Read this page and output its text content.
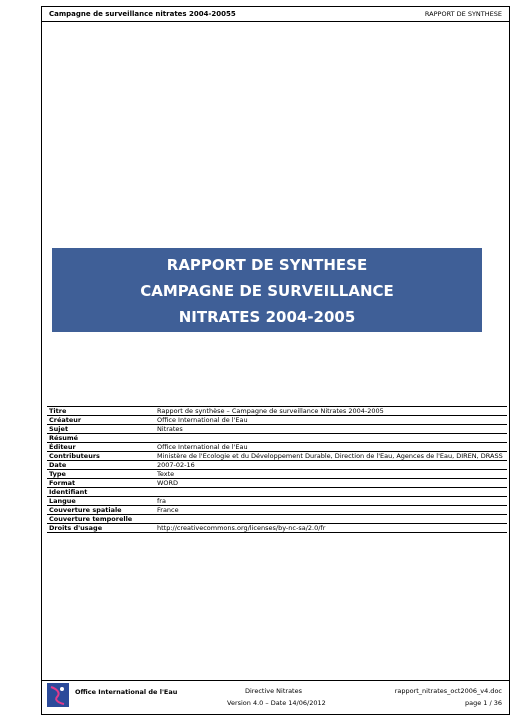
Campagne de surveillance nitrates 2004-20055	RAPPORT DE SYNTHESE
RAPPORT DE SYNTHESE
CAMPAGNE DE SURVEILLANCE
NITRATES 2004-2005
Titre	Rapport de synthèse – Campagne de surveillance Nitrates 2004-2005
Créateur	Office International de l'Eau
Sujet	Nitrates
Résumé	
Éditeur	Office International de l'Eau
Contributeurs	Ministère de l'Ecologie et du Développement Durable, Direction de l'Eau, Agences de l'Eau, DIREN, DRASS
Date	2007-02-16
Type	Texte
Format	WORD
Identifiant	
Langue	fra
Couverture spatiale	France
Couverture temporelle	
Droits d'usage	http://creativecommons.org/licenses/by-nc-sa/2.0/fr
Office International de l'Eau	Directive Nitrates
Version 4.0 – Date 14/06/2012
rapport_nitrates_oct2006_v4.doc
page 1 / 36
